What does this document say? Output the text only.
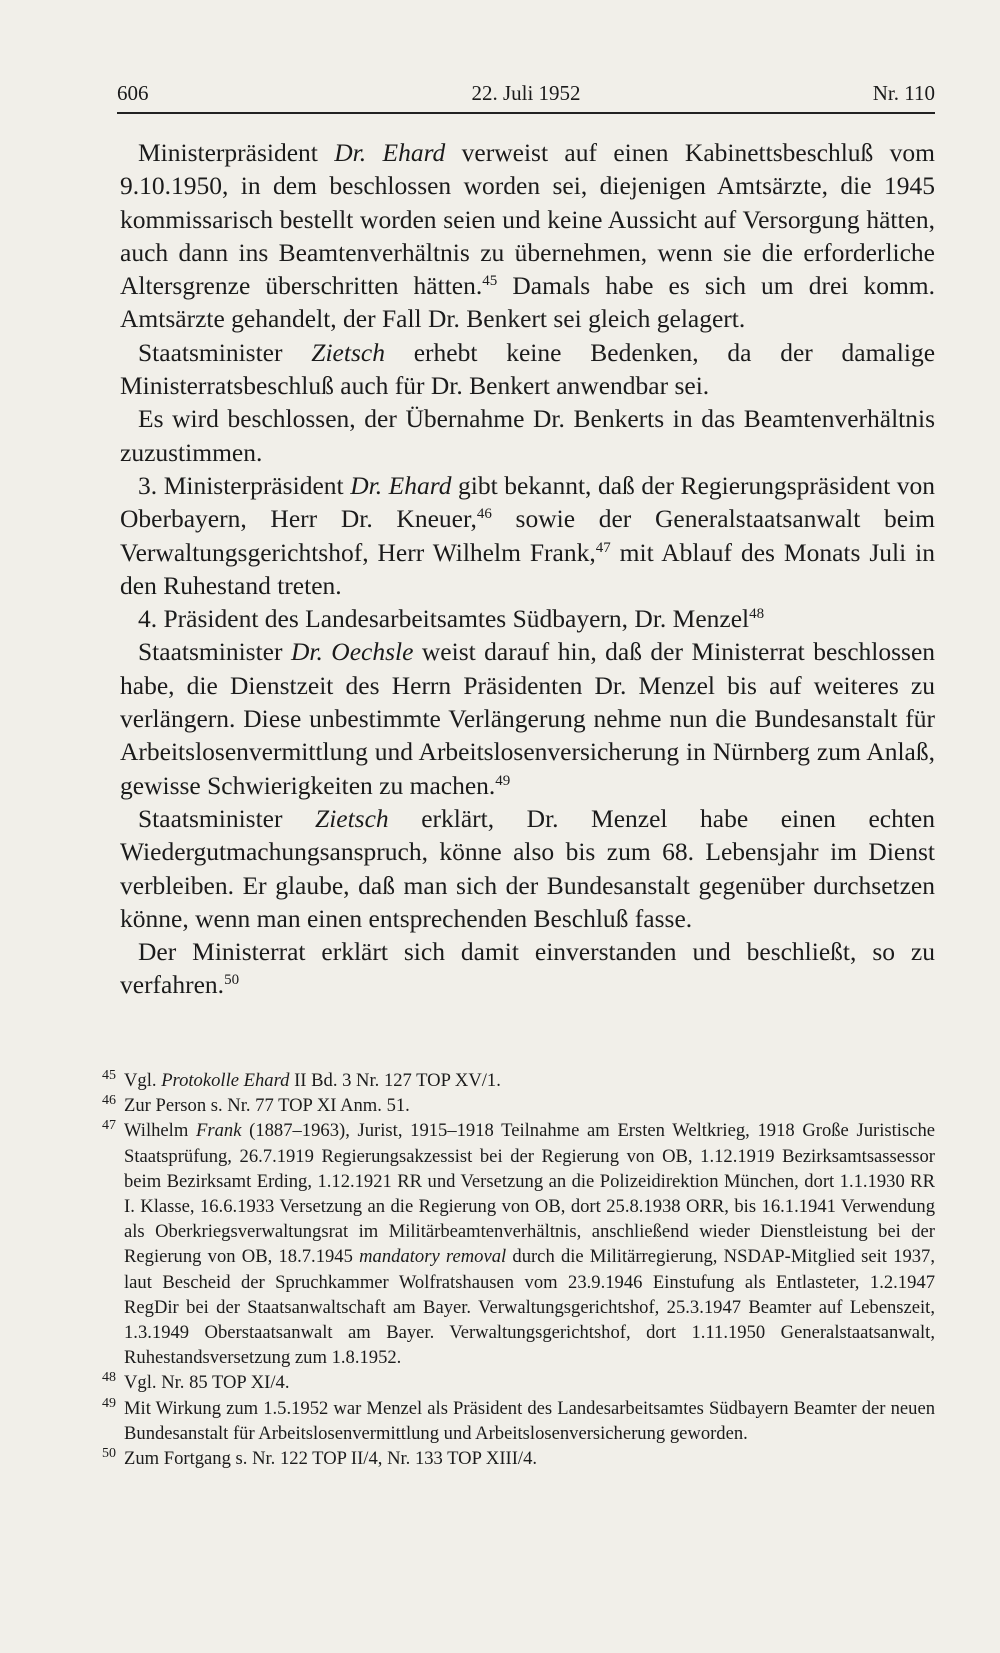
606	22. Juli 1952	Nr. 110

Ministerpräsident Dr. Ehard verweist auf einen Kabinettsbeschluß vom 9.10.1950, in dem beschlossen worden sei, diejenigen Amtsärzte, die 1945 kommissarisch bestellt worden seien und keine Aussicht auf Versorgung hätten, auch dann ins Beamtenverhältnis zu übernehmen, wenn sie die erforderliche Altersgrenze überschritten hätten.$^{45}$ Damals habe es sich um drei komm. Amtsärzte gehandelt, der Fall Dr. Benkert sei gleich gelagert.

Staatsminister Zietsch erhebt keine Bedenken, da der damalige Ministerratsbeschluß auch für Dr. Benkert anwendbar sei.

Es wird beschlossen, der Übernahme Dr. Benkerts in das Beamtenverhältnis zuzustimmen.

3. Ministerpräsident Dr. Ehard gibt bekannt, daß der Regierungspräsident von Oberbayern, Herr Dr. Kneuer,$^{46}$ sowie der Generalstaatsanwalt beim Verwaltungsgerichtshof, Herr Wilhelm Frank,$^{47}$ mit Ablauf des Monats Juli in den Ruhestand treten.

4. Präsident des Landesarbeitsamtes Südbayern, Dr. Menzel$^{48}$

Staatsminister Dr. Oechsle weist darauf hin, daß der Ministerrat beschlossen habe, die Dienstzeit des Herrn Präsidenten Dr. Menzel bis auf weiteres zu verlängern. Diese unbestimmte Verlängerung nehme nun die Bundesanstalt für Arbeitslosenvermittlung und Arbeitslosenversicherung in Nürnberg zum Anlaß, gewisse Schwierigkeiten zu machen.$^{49}$

Staatsminister Zietsch erklärt, Dr. Menzel habe einen echten Wiedergutmachungsanspruch, könne also bis zum 68. Lebensjahr im Dienst verbleiben. Er glaube, daß man sich der Bundesanstalt gegenüber durchsetzen könne, wenn man einen entsprechenden Beschluß fasse.

Der Ministerrat erklärt sich damit einverstanden und beschließt, so zu verfahren.$^{50}$

45 Vgl. Protokolle Ehard II Bd. 3 Nr. 127 TOP XV/1.

46 Zur Person s. Nr. 77 TOP XI Anm. 51.

47 Wilhelm Frank (1887–1963), Jurist, 1915–1918 Teilnahme am Ersten Weltkrieg, 1918 Große Juristische Staatsprüfung, 26.7.1919 Regierungsakzessist bei der Regierung von OB, 1.12.1919 Bezirksamtsassessor beim Bezirksamt Erding, 1.12.1921 RR und Versetzung an die Polizeidirektion München, dort 1.1.1930 RR I. Klasse, 16.6.1933 Versetzung an die Regierung von OB, dort 25.8.1938 ORR, bis 16.1.1941 Verwendung als Oberkriegsverwaltungsrat im Militärbeamtenverhältnis, anschließend wieder Dienstleistung bei der Regierung von OB, 18.7.1945 mandatory removal durch die Militärregierung, NSDAP-Mitglied seit 1937, laut Bescheid der Spruchkammer Wolfratshausen vom 23.9.1946 Einstufung als Entlasteter, 1.2.1947 RegDir bei der Staatsanwaltschaft am Bayer. Verwaltungsgerichtshof, 25.3.1947 Beamter auf Lebenszeit, 1.3.1949 Oberstaatsanwalt am Bayer. Verwaltungsgerichtshof, dort 1.11.1950 Generalstaatsanwalt, Ruhestandsversetzung zum 1.8.1952.

48 Vgl. Nr. 85 TOP XI/4.

49 Mit Wirkung zum 1.5.1952 war Menzel als Präsident des Landesarbeitsamtes Südbayern Beamter der neuen Bundesanstalt für Arbeitslosenvermittlung und Arbeitslosenversicherung geworden.

50 Zum Fortgang s. Nr. 122 TOP II/4, Nr. 133 TOP XIII/4.
